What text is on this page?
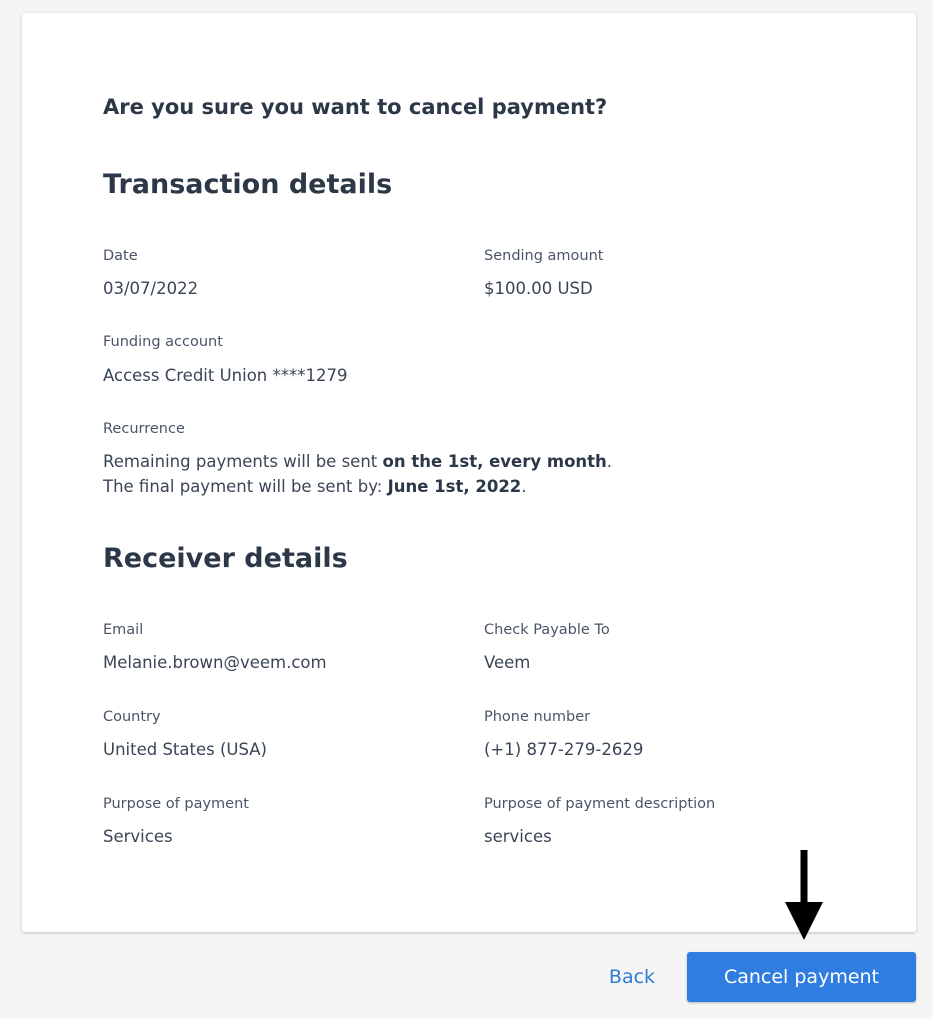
Are you sure you want to cancel payment?
Transaction details
Date
03/07/2022
Sending amount
$100.00 USD
Funding account
Access Credit Union ****1279
Recurrence
Remaining payments will be sent on the 1st, every month.
The final payment will be sent by: June 1st, 2022.
Receiver details
Email
Melanie.brown@veem.com
Check Payable To
Veem
Country
United States (USA)
Phone number
(+1) 877-279-2629
Purpose of payment
Services
Purpose of payment description
services
Back	Cancel payment
